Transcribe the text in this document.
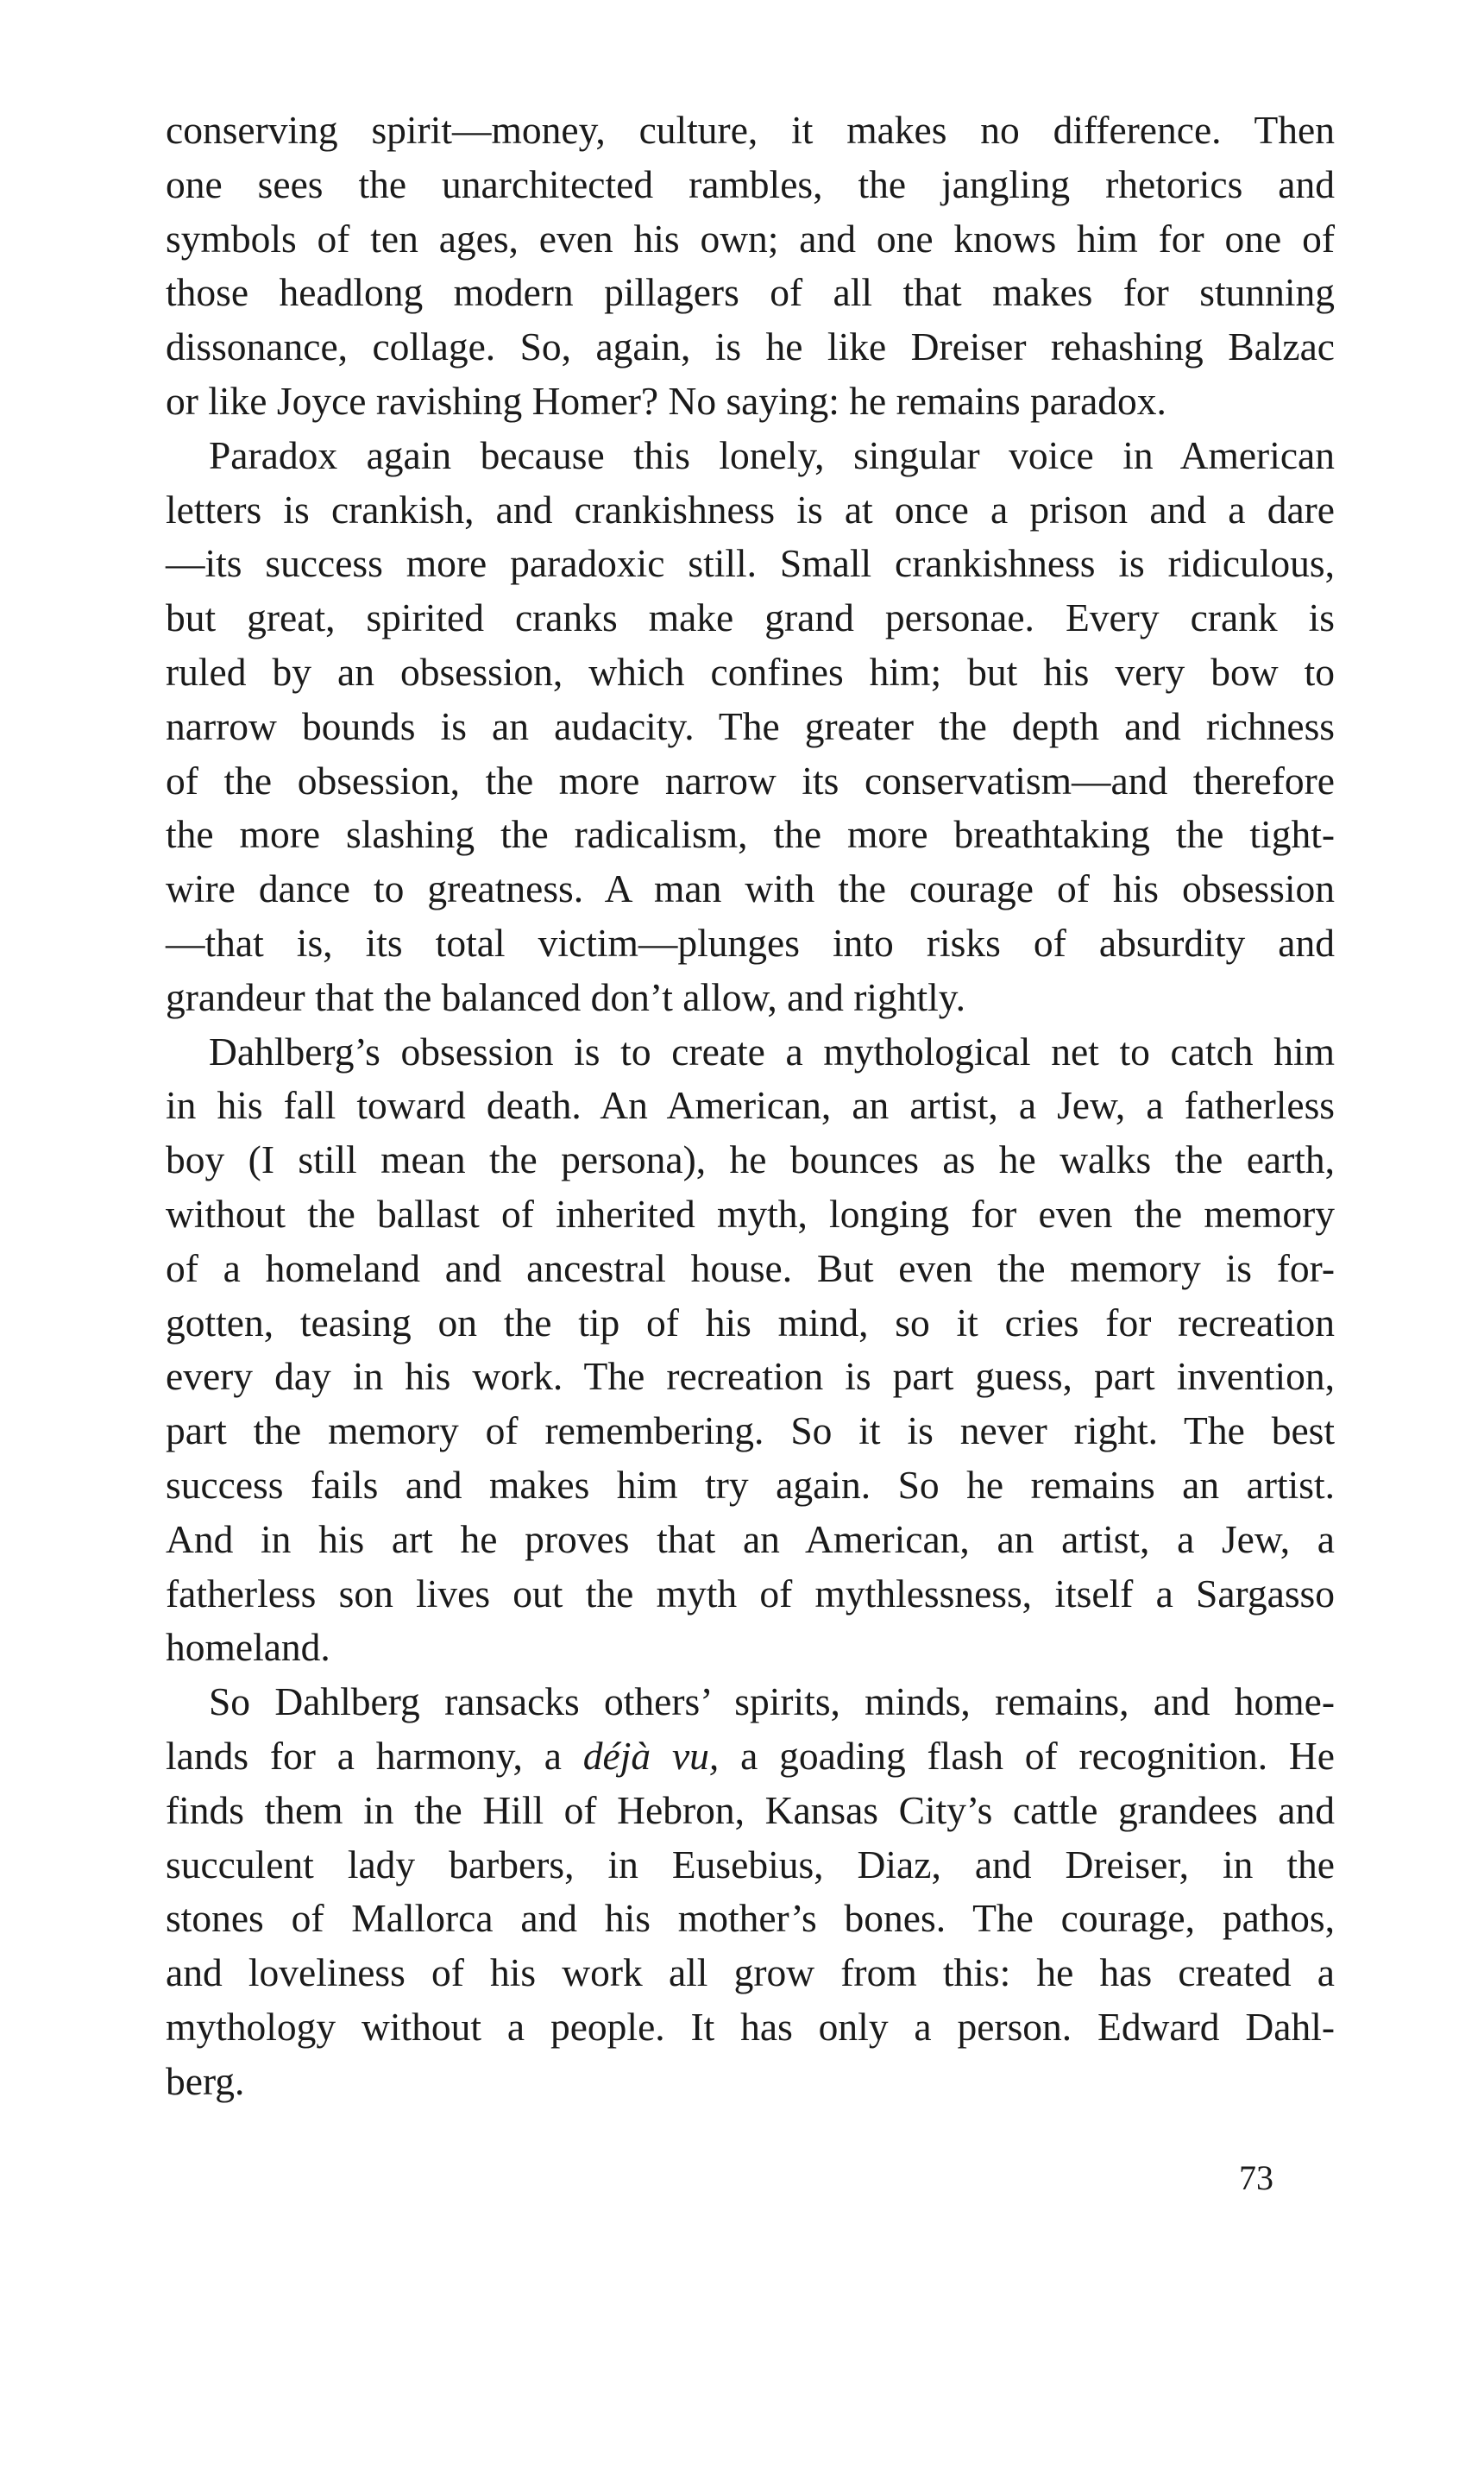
conserving spirit—money, culture, it makes no difference. Then
one sees the unarchitected rambles, the jangling rhetorics and
symbols of ten ages, even his own; and one knows him for one of
those headlong modern pillagers of all that makes for stunning
dissonance, collage. So, again, is he like Dreiser rehashing Balzac
or like Joyce ravishing Homer? No saying: he remains paradox.
Paradox again because this lonely, singular voice in American
letters is crankish, and crankishness is at once a prison and a dare
—its success more paradoxic still. Small crankishness is ridiculous,
but great, spirited cranks make grand personae. Every crank is
ruled by an obsession, which confines him; but his very bow to
narrow bounds is an audacity. The greater the depth and richness
of the obsession, the more narrow its conservatism—and therefore
the more slashing the radicalism, the more breathtaking the tight-
wire dance to greatness. A man with the courage of his obsession
—that is, its total victim—plunges into risks of absurdity and
grandeur that the balanced don’t allow, and rightly.
Dahlberg’s obsession is to create a mythological net to catch him
in his fall toward death. An American, an artist, a Jew, a fatherless
boy (I still mean the persona), he bounces as he walks the earth,
without the ballast of inherited myth, longing for even the memory
of a homeland and ancestral house. But even the memory is for-
gotten, teasing on the tip of his mind, so it cries for recreation
every day in his work. The recreation is part guess, part invention,
part the memory of remembering. So it is never right. The best
success fails and makes him try again. So he remains an artist.
And in his art he proves that an American, an artist, a Jew, a
fatherless son lives out the myth of mythlessness, itself a Sargasso
homeland.
So Dahlberg ransacks others’ spirits, minds, remains, and home-
lands for a harmony, a déjà vu, a goading flash of recognition. He
finds them in the Hill of Hebron, Kansas City’s cattle grandees and
succulent lady barbers, in Eusebius, Diaz, and Dreiser, in the
stones of Mallorca and his mother’s bones. The courage, pathos,
and loveliness of his work all grow from this: he has created a
mythology without a people. It has only a person. Edward Dahl-
berg.
73
